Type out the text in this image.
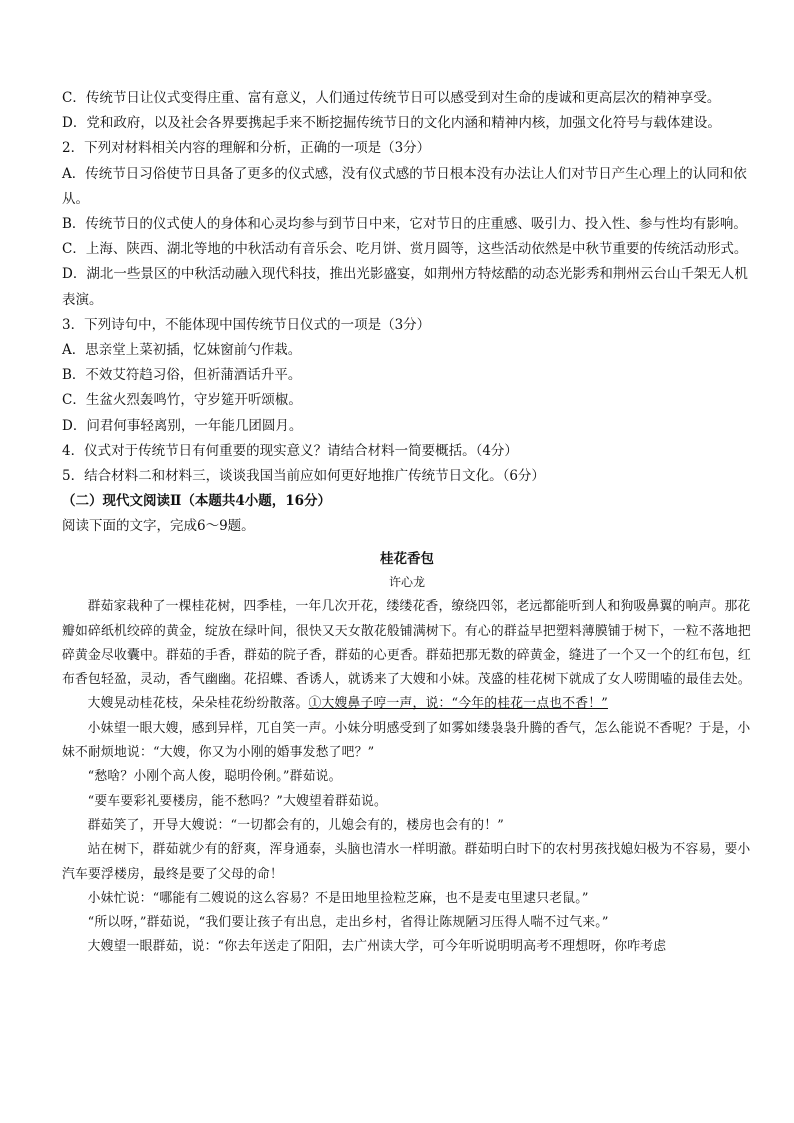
C．传统节日让仪式变得庄重、富有意义，人们通过传统节日可以感受到对生命的虔诚和更高层次的精神享受。

D．党和政府，以及社会各界要携起手来不断挖掘传统节日的文化内涵和精神内核，加强文化符号与载体建设。

2．下列对材料相关内容的理解和分析，正确的一项是（3分）

A．传统节日习俗使节日具备了更多的仪式感，没有仪式感的节日根本没有办法让人们对节日产生心理上的认同和依从。

B．传统节日的仪式使人的身体和心灵均参与到节日中来，它对节日的庄重感、吸引力、投入性、参与性均有影响。

C．上海、陕西、湖北等地的中秋活动有音乐会、吃月饼、赏月圆等，这些活动依然是中秋节重要的传统活动形式。

D．湖北一些景区的中秋活动融入现代科技，推出光影盛宴，如荆州方特炫酷的动态光影秀和荆州云台山千架无人机表演。

3．下列诗句中，不能体现中国传统节日仪式的一项是（3分）

A．思亲堂上菜初插，忆妹窗前勺作栽。

B．不效艾符趋习俗，但祈蒲酒话升平。

C．生盆火烈轰鸣竹，守岁筵开听颂椒。

D．问君何事轻离别，一年能几团圆月。

4．仪式对于传统节日有何重要的现实意义？请结合材料一简要概括。（4分）

5．结合材料二和材料三，谈谈我国当前应如何更好地推广传统节日文化。（6分）

（二）现代文阅读Ⅱ（本题共4小题，16分）

阅读下面的文字，完成6～9题。

桂花香包
许心龙

群茹家栽种了一棵桂花树，四季桂，一年几次开花，缕缕花香，缭绕四邻，老远都能听到人和狗吸鼻翼的响声。那花瓣如碎纸机绞碎的黄金，绽放在绿叶间，很快又天女散花般铺满树下。有心的群益早把塑料薄膜铺于树下，一粒不落地把碎黄金尽收囊中。群茹的手香，群茹的院子香，群茹的心更香。群茹把那无数的碎黄金，缝进了一个又一个的红布包，红布香包轻盈，灵动，香气幽幽。花招蝶、香诱人，就诱来了大嫂和小妹。茂盛的桂花树下就成了女人唠閒嗑的最佳去处。

大嫂晃动桂花枝，朵朵桂花纷纷散落。①大嫂鼻子哼一声，说：“今年的桂花一点也不香！”

小妹望一眼大嫂，感到异样，兀自笑一声。小妹分明感受到了如雾如缕袅袅升腾的香气，怎么能说不香呢？于是，小妹不耐烦地说：“大嫂，你又为小刚的婚事发愁了吧？”

“愁啥？小刚个高人俊，聪明伶俐。”群茹说。

“要车要彩礼要楼房，能不愁吗？”大嫂望着群茹说。

群茹笑了，开导大嫂说：“一切都会有的，儿媳会有的，楼房也会有的！”

站在树下，群茹就少有的舒爽，浑身通泰，头脑也清水一样明澈。群茹明白时下的农村男孩找媳妇极为不容易，要小汽车要浮楼房，最终是要了父母的命！

小妹忙说：“哪能有二嫂说的这么容易？不是田地里捡粒芝麻，也不是麦屯里逮只老鼠。”

“所以呀，”群茹说，“我们要让孩子有出息，走出乡村，省得让陈规陋习压得人喘不过气来。”

大嫂望一眼群茹，说：“你去年送走了阳阳，去广州读大学，可今年听说明明高考不理想呀，你咋考虑
